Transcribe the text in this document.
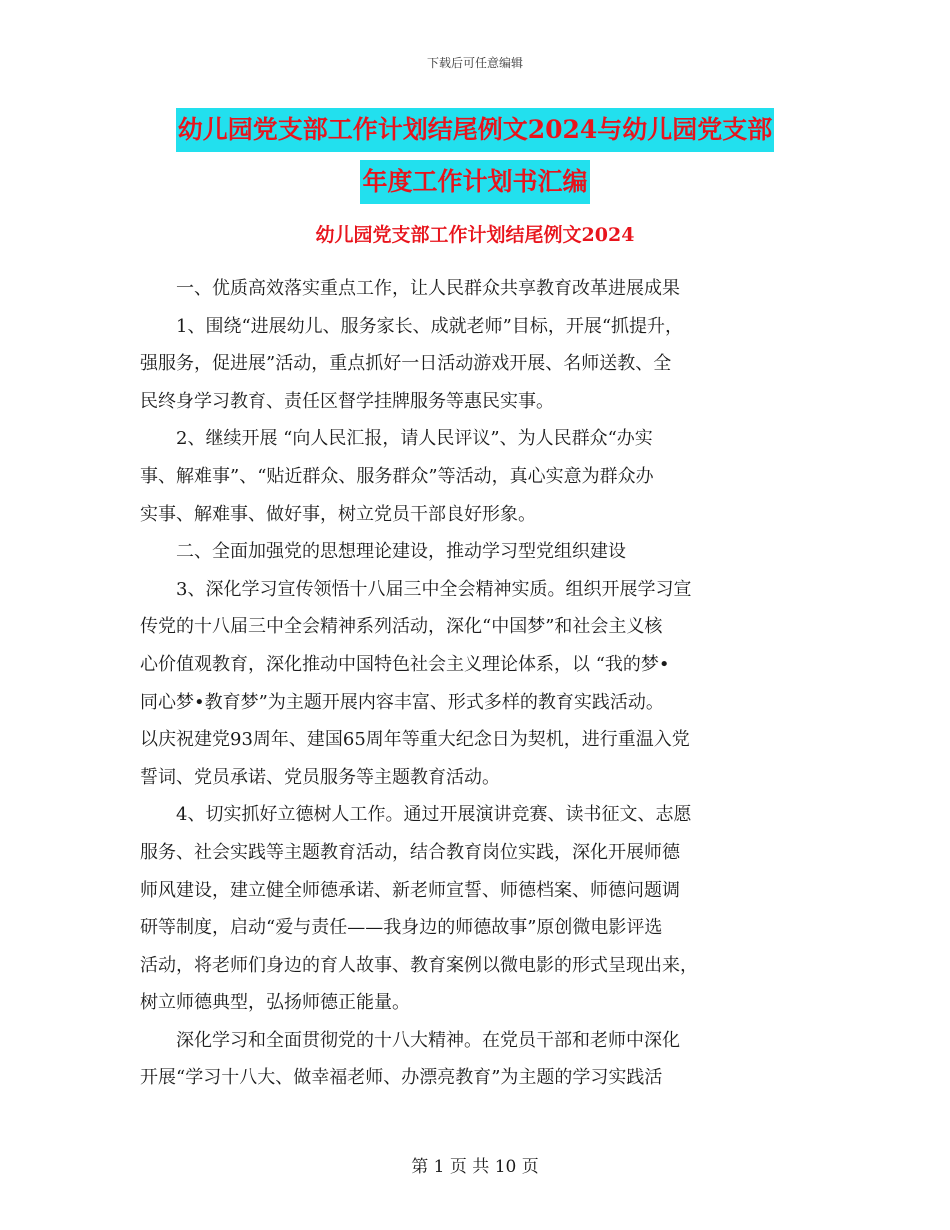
下载后可任意编辑
幼儿园党支部工作计划结尾例文2024与幼儿园党支部
年度工作计划书汇编
幼儿园党支部工作计划结尾例文2024

一、优质高效落实重点工作，让人民群众共享教育改革进展成果

1、围绕“进展幼儿、服务家长、成就老师”目标，开展“抓提升，

强服务，促进展”活动，重点抓好一日活动游戏开展、名师送教、全

民终身学习教育、责任区督学挂牌服务等惠民实事。

2、继续开展 “向人民汇报，请人民评议”、为人民群众“办实

事、解难事”、“贴近群众、服务群众”等活动，真心实意为群众办

实事、解难事、做好事，树立党员干部良好形象。

二、全面加强党的思想理论建设，推动学习型党组织建设

3、深化学习宣传领悟十八届三中全会精神实质。组织开展学习宣

传党的十八届三中全会精神系列活动，深化“中国梦”和社会主义核

心价值观教育，深化推动中国特色社会主义理论体系，以 “我的梦•

同心梦•教育梦”为主题开展内容丰富、形式多样的教育实践活动。

以庆祝建党93周年、建国65周年等重大纪念日为契机，进行重温入党

誓词、党员承诺、党员服务等主题教育活动。

4、切实抓好立德树人工作。通过开展演讲竞赛、读书征文、志愿

服务、社会实践等主题教育活动，结合教育岗位实践，深化开展师德

师风建设，建立健全师德承诺、新老师宣誓、师德档案、师德问题调

研等制度，启动“爱与责任——我身边的师德故事”原创微电影评选

活动，将老师们身边的育人故事、教育案例以微电影的形式呈现出来，

树立师德典型，弘扬师德正能量。

深化学习和全面贯彻党的十八大精神。在党员干部和老师中深化

开展“学习十八大、做幸福老师、办漂亮教育”为主题的学习实践活

第 1 页 共 10 页
